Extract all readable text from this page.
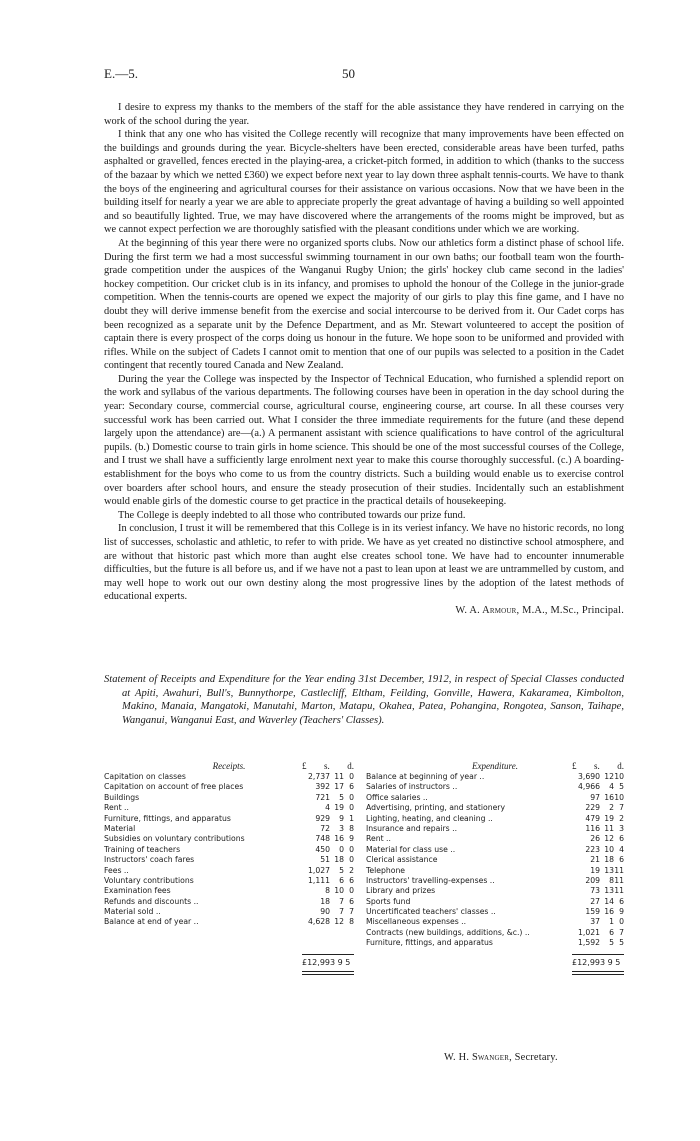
E.—5.	50

I desire to express my thanks to the members of the staff for the able assistance they have rendered in carrying on the work of the school during the year.

I think that any one who has visited the College recently will recognize that many improvements have been effected on the buildings and grounds during the year. Bicycle-shelters have been erected, considerable areas have been turfed, paths asphalted or gravelled, fences erected in the playing-area, a cricket-pitch formed, in addition to which (thanks to the success of the bazaar by which we netted £360) we expect before next year to lay down three asphalt tennis-courts. We have to thank the boys of the engineering and agricultural courses for their assistance on various occasions. Now that we have been in the building itself for nearly a year we are able to appreciate properly the great advantage of having a building so well appointed and so beautifully lighted. True, we may have discovered where the arrangements of the rooms might be improved, but as we cannot expect perfection we are thoroughly satisfied with the pleasant conditions under which we are working.

At the beginning of this year there were no organized sports clubs. Now our athletics form a distinct phase of school life. During the first term we had a most successful swimming tournament in our own baths; our football team won the fourth-grade competition under the auspices of the Wanganui Rugby Union; the girls' hockey club came second in the ladies' hockey competition. Our cricket club is in its infancy, and promises to uphold the honour of the College in the junior-grade competition. When the tennis-courts are opened we expect the majority of our girls to play this fine game, and I have no doubt they will derive immense benefit from the exercise and social intercourse to be derived from it. Our Cadet corps has been recognized as a separate unit by the Defence Department, and as Mr. Stewart volunteered to accept the position of captain there is every prospect of the corps doing us honour in the future. We hope soon to be uniformed and provided with rifles. While on the subject of Cadets I cannot omit to mention that one of our pupils was selected to a position in the Cadet contingent that recently toured Canada and New Zealand.

During the year the College was inspected by the Inspector of Technical Education, who furnished a splendid report on the work and syllabus of the various departments. The following courses have been in operation in the day school during the year: Secondary course, commercial course, agricultural course, engineering course, art course. In all these courses very successful work has been carried out. What I consider the three immediate requirements for the future (and these depend largely upon the attendance) are—(a.) A permanent assistant with science qualifications to have control of the agricultural pupils. (b.) Domestic course to train girls in home science. This should be one of the most successful courses of the College, and I trust we shall have a sufficiently large enrolment next year to make this course thoroughly successful. (c.) A boarding-establishment for the boys who come to us from the country districts. Such a building would enable us to exercise control over boarders after school hours, and ensure the steady prosecution of their studies. Incidentally such an establishment would enable girls of the domestic course to get practice in the practical details of housekeeping.

The College is deeply indebted to all those who contributed towards our prize fund.

In conclusion, I trust it will be remembered that this College is in its veriest infancy. We have no historic records, no long list of successes, scholastic and athletic, to refer to with pride. We have as yet created no distinctive school atmosphere, and are without that historic past which more than aught else creates school tone. We have had to encounter innumerable difficulties, but the future is all before us, and if we have not a past to lean upon at least we are untrammelled by custom, and may well hope to work out our own destiny along the most progressive lines by the adoption of the latest methods of educational experts.

W. A. Armour, M.A., M.Sc., Principal.

Statement of Receipts and Expenditure for the Year ending 31st December, 1912, in respect of Special Classes conducted at Apiti, Awahuri, Bull's, Bunnythorpe, Castlecliff, Eltham, Feilding, Gonville, Hawera, Kakaramea, Kimbolton, Makino, Manaia, Mangatoki, Manutahi, Marton, Matapu, Okahea, Patea, Pohangina, Rongotea, Sanson, Taihape, Wanganui, Wanganui East, and Waverley (Teachers' Classes).
Receipts.	£ s. d.
Capitation on classes	2,737 11 0
Capitation on account of free places	392 17 6
Buildings	721	5 0
Rent ..	4 19 0
Furniture, fittings, and apparatus	929	9 1
Material	72	3 8
Subsidies on voluntary contributions	748 16 9
Training of teachers	450	0 0
Instructors' coach fares	51 18 0
Fees ..	1,027	5 2
Voluntary contributions	1,111	6 6
Examination fees	8 10 0
Refunds and discounts ..	18	7 6
Material sold ..	90	7 7
Balance at end of year ..	4,628 12 8
Expenditure.	£ s. d.
Balance at beginning of year ..	3,690 12 10
Salaries of instructors ..	4,966	4 5
Office salaries ..	97 16 10
Advertising, printing, and stationery	229	2 7
Lighting, heating, and cleaning ..	479 19 2
Insurance and repairs ..	116 11 3
Rent ..	26 12 6
Material for class use ..	223 10 4
Clerical assistance	21 18 6
Telephone	19 13 11
Instructors' travelling-expenses ..	209	8 11
Library and prizes	73 13 11
Sports fund	27 14 6
Uncertificated teachers' classes ..	159 16 9
Miscellaneous expenses ..	37	1 0
Contracts (new buildings, additions, &c.) ..	1,021	6 7
Furniture, fittings, and apparatus	1,592	5 5
£12,993 9 5	£12,993 9 5
W. H. Swanger, Secretary.
